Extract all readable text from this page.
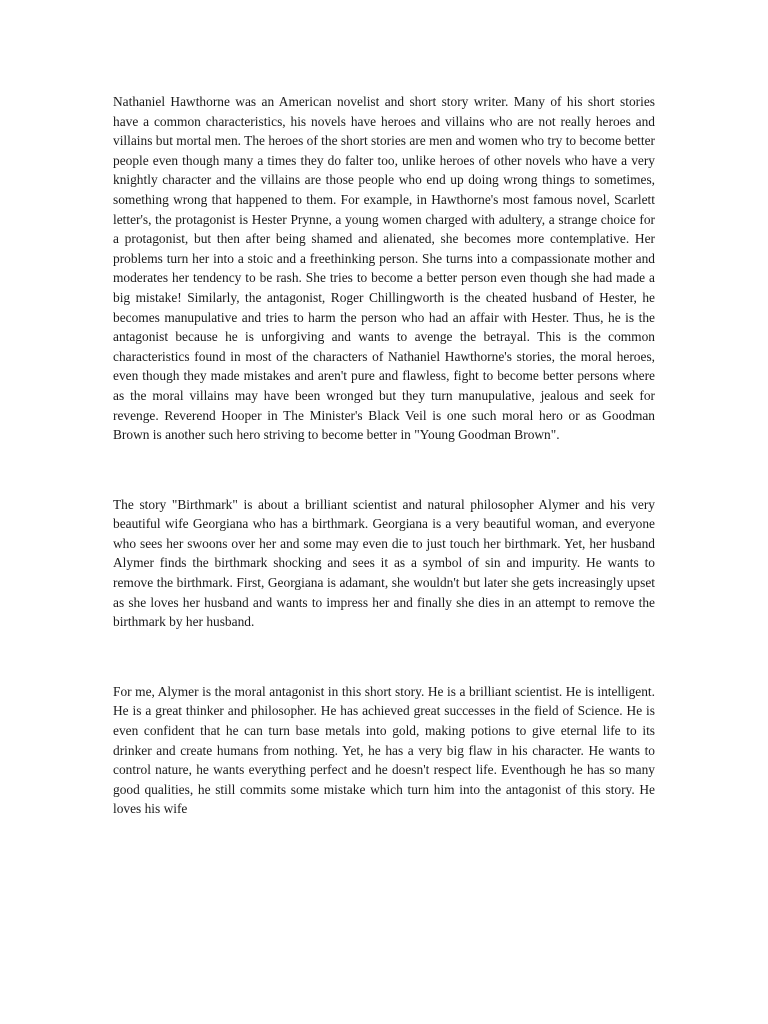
Nathaniel Hawthorne was an American novelist and short story writer. Many of his short stories have a common characteristics, his novels have heroes and villains who are not really heroes and villains but mortal men. The heroes of the short stories are men and women who try to become better people even though many a times they do falter too, unlike heroes of other novels who have a very knightly character and the villains are those people who end up doing wrong things to sometimes, something wrong that happened to them. For example, in Hawthorne's most famous novel, Scarlett letter's, the protagonist is Hester Prynne, a young women charged with adultery, a strange choice for a protagonist, but then after being shamed and alienated, she becomes more contemplative. Her problems turn her into a stoic and a freethinking person. She turns into a compassionate mother and moderates her tendency to be rash. She tries to become a better person even though she had made a big mistake! Similarly, the antagonist, Roger Chillingworth is the cheated husband of Hester, he becomes manupulative and tries to harm the person who had an affair with Hester. Thus, he is the antagonist because he is unforgiving and wants to avenge the betrayal. This is the common characteristics found in most of the characters of Nathaniel Hawthorne's stories, the moral heroes, even though they made mistakes and aren't pure and flawless, fight to become better persons where as the moral villains may have been wronged but they turn manupulative, jealous and seek for revenge. Reverend Hooper in The Minister's Black Veil is one such moral hero or as Goodman Brown is another such hero striving to become better in "Young Goodman Brown".

The story "Birthmark" is about a brilliant scientist and natural philosopher Alymer and his very beautiful wife Georgiana who has a birthmark. Georgiana is a very beautiful woman, and everyone who sees her swoons over her and some may even die to just touch her birthmark. Yet, her husband Alymer finds the birthmark shocking and sees it as a symbol of sin and impurity. He wants to remove the birthmark. First, Georgiana is adamant, she wouldn't but later she gets increasingly upset as she loves her husband and wants to impress her and finally she dies in an attempt to remove the birthmark by her husband.

For me, Alymer is the moral antagonist in this short story. He is a brilliant scientist. He is intelligent. He is a great thinker and philosopher. He has achieved great successes in the field of Science. He is even confident that he can turn base metals into gold, making potions to give eternal life to its drinker and create humans from nothing. Yet, he has a very big flaw in his character. He wants to control nature, he wants everything perfect and he doesn't respect life. Eventhough he has so many good qualities, he still commits some mistake which turn him into the antagonist of this story. He loves his wife
